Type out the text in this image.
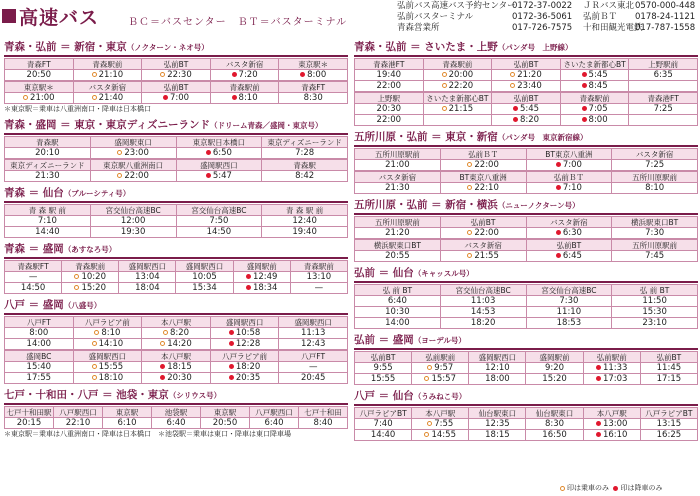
高速バス	ＢＣ＝バスセンター　ＢＴ＝バスターミナル
弘前バス高速バス予約センター
0172-37-0022
弘前バスターミナル	0172-36-5061
青森営業所	017-726-7575
ＪＲバス東北 0570-000-448
弘前ＢＴ 0178-24-1121
十和田観光電鉄
017-787-1558
青森・弘前 ＝ 新宿・東京（ノクターン・ネオ号）
青森FT	青森駅前	弘前BT	バスタ新宿	東京駅＊
20:50	21:10	22:30	7:20	8:00
東京駅＊	バスタ新宿	弘前BT	青森駅前	青森FT
21:00	21:40	7:00	8:10	8:30
＊東京駅＝乗車は八重洲南口・降車は日本橋口
青森・盛岡 ＝ 東京・東京ディズニーランド（ドリーム青森／盛岡・東京号）
青森駅	盛岡駅東口	東京駅日本橋口	東京ディズニーランド
20:10	23:00	6:50	7:28
東京ディズニーランド	東京駅八重洲南口	盛岡駅西口	青森駅
21:30	22:00	5:47	8:42
青森 ＝ 仙台（ブルーシティ号）
青 森 駅 前	宮交仙台高速BC	宮交仙台高速BC	青 森 駅 前
7:10	12:00	7:50	12:40
14:40	19:30	14:50	19:40
青森 ＝ 盛岡（あすなろ号）
青森駅FT	青森駅前	盛岡駅西口	盛岡駅西口	盛岡駅前	青森駅前
—	10:20	13:04	10:05	12:49	13:10
14:50	15:20	18:04	15:34	18:34	—
八戸 ＝ 盛岡（八盛号）
八戸FT	八戸ラピア前	本八戸駅	盛岡駅西口	盛岡駅西口
8:00	8:10	8:20	10:58	11:13
14:00	14:10	14:20	12:28	12:43
盛岡BC	盛岡駅西口	本八戸駅	八戸ラピア前	八戸FT
15:40	15:55	18:15	18:20	—
17:55	18:10	20:30	20:35	20:45
七戸・十和田・八戸 ＝ 池袋・東京（シリウス号）
七戸十和田駅	八戸駅西口	東京駅	池袋駅	東京駅	八戸駅西口	七戸十和田
20:15	22:10	6:10	6:40	20:50	6:40	8:40
＊東京駅＝乗車は八重洲南口・降車は日本橋口　＊池袋駅＝乗車は東口・降車は東口降車場
青森・弘前 ＝ さいたま・上野（パンダ号　上野線）
青森港FT	青森駅前	弘前BT	さいたま新都心BT	上野駅前
19:40	20:00	21:20	5:45	6:35
22:00	22:20	23:40	8:45	
上野駅	さいたま新都心BT	弘前BT	青森駅前	青森港FT
20:30	21:15	5:45	7:05	7:25
22:00		8:20	8:00	
五所川原・弘前 ＝ 東京・新宿（パンダ号　東京新宿線）
五所川原駅前	弘前ＢＴ	BT東京八重洲	バスタ新宿
21:00	22:00	7:00	7:25
バスタ新宿	BT東京八重洲	弘前ＢＴ	五所川原駅前
21:30	22:10	7:10	8:10
五所川原・弘前 ＝ 新宿・横浜（ニューノクターン号）
五所川原駅前	弘前BT	バスタ新宿	横浜駅東口BT
21:20	22:00	6:30	7:30
横浜駅東口BT	バスタ新宿	弘前BT	五所川原駅前
20:55	21:55	6:45	7:45
弘前 ＝ 仙台（キャッスル号）
弘 前 BT	宮交仙台高速BC	宮交仙台高速BC	弘 前 BT
6:40	11:03	7:30	11:50
10:30	14:53	11:10	15:30
14:00	18:20	18:53	23:10
弘前 ＝ 盛岡（ヨーデル号）
弘前BT	弘前駅前	盛岡駅西口	盛岡駅前	弘前駅前	弘前BT
9:55	9:57	12:10	9:20	11:33	11:45
15:55	15:57	18:00	15:20	17:03	17:15
八戸 ＝ 仙台（うみねこ号）
八戸ラピアBT	本八戸駅	仙台駅東口	仙台駅東口	本八戸駅	八戸ラピアBT
7:40	7:55	12:35	8:30	13:00	13:15
14:40	14:55	18:15	16:50	16:10	16:25
印は乗車のみ 印は降車のみ
